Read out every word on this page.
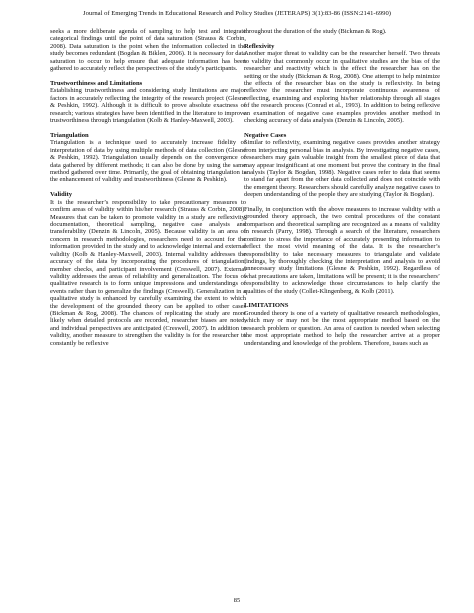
Journal of Emerging Trends in Educational Research and Policy Studies (JETERAPS) 3(1):83-86 (ISSN:2141-6990)

seeks a more deliberate agenda of sampling to help test and integrate categorical findings until the point of data saturation (Strauss & Corbin, 2008). Data saturation is the point when the information collected in the study becomes redundant (Bogdan & Biklen, 2006). It is necessary for data saturation to occur to help ensure that adequate information has been gathered to accurately reflect the perspectives of the study’s participants.

Trustworthiness and Limitations

Establishing trustworthiness and considering study limitations are major factors in accurately reflecting the integrity of the research project (Glesne & Peshkin, 1992). Although it is difficult to prove absolute exactness of research; various strategies have been identified in the literature to improve trustworthiness through triangulation (Kolb & Hanley-Maxwell, 2003).

Triangulation

Triangulation is a technique used to accurately increase fidelity of interpretation of data by using multiple methods of data collection (Glesne & Peshkin, 1992). Triangulation usually depends on the convergence of data gathered by different methods; it can also be done by using the same method gathered over time. Primarily, the goal of obtaining triangulation is the enhancement of validity and trustworthiness (Glesne & Peshkin).

Validity

It is the researcher’s responsibility to take precautionary measures to confirm areas of validity within his/her research (Strauss & Corbin, 2008). Measures that can be taken to promote validity in a study are reflexivity, documentation, theoretical sampling, negative case analysis and transferability (Denzin & Lincoln, 2005). Because validity is an area of concern in research methodologies, researchers need to account for the information provided in the study and to acknowledge internal and external validity (Kolb & Hanley-Maxwell, 2003). Internal validity addresses the accuracy of the data by incorporating the procedures of triangulation, member checks, and participant involvement (Creswell, 2007). External validity addresses the areas of reliability and generalization. The focus of qualitative research is to form unique impressions and understandings of events rather than to generalize the findings (Creswell). Generalization in a qualitative study is enhanced by carefully examining the extent to which the development of the grounded theory can be applied to other cases (Bickman & Rog, 2008). The chances of replicating the study are more likely when detailed protocols are recorded, researcher biases are noted, and individual perspectives are anticipated (Creswell, 2007). In addition to validity, another measure to strengthen the validity is for the researcher to constantly be reflexive

throughout the duration of the study (Bickman & Rog).

Reflexivity

Another major threat to validity can be the researcher herself. Two threats to validity that commonly occur in qualitative studies are the bias of the researcher and reactivity which is the effect the researcher has on the setting or the study (Bickman & Rog, 2008). One attempt to help minimize the effects of the researcher bias on the study is reflexivity. In being reflexive the researcher must incorporate continuous awareness of reflecting, examining and exploring his/her relationship through all stages of the research process (Conrad et al., 1993). In addition to being reflexive an examination of negative case examples provides another method in checking accuracy of data analysis (Denzin & Lincoln, 2005).

Negative Cases

Similar to reflexivity, examining negative cases provides another strategy from interjecting personal bias in analysis. By investigating negative cases, researchers may gain valuable insight from the smallest piece of data that may appear insignificant at one moment but prove the contrary in the final analysis (Taylor & Bogdan, 1998). Negative cases refer to data that seems to stand far apart from the other data collected and does not coincide with the emergent theory. Researchers should carefully analyze negative cases to deepen understanding of the people they are studying (Taylor & Bogdan).

Finally, in conjunction with the above measures to increase validity with a grounded theory approach, the two central procedures of the constant comparison and theoretical sampling are recognized as a means of validity in research (Parry, 1998). Through a search of the literature, researchers continue to stress the importance of accurately presenting information to reflect the most vivid meaning of the data. It is the researcher’s responsibility to take necessary measures to triangulate and validate findings, by thoroughly checking the interpretation and analysis to avoid unnecessary study limitations (Glesne & Peshkin, 1992). Regardless of what precautions are taken, limitations will be present; it is the researchers’ responsibility to acknowledge those circumstances to help clarify the qualities of the study (Collet-Klingenberg, & Kolb (2011).

LIMITATIONS

Grounded theory is one of a variety of qualitative research methodologies, which may or may not be the most appropriate method based on the research problem or question. An area of caution is needed when selecting the most appropriate method to help the researcher arrive at a proper understanding and knowledge of the problem. Therefore, issues such as

85
